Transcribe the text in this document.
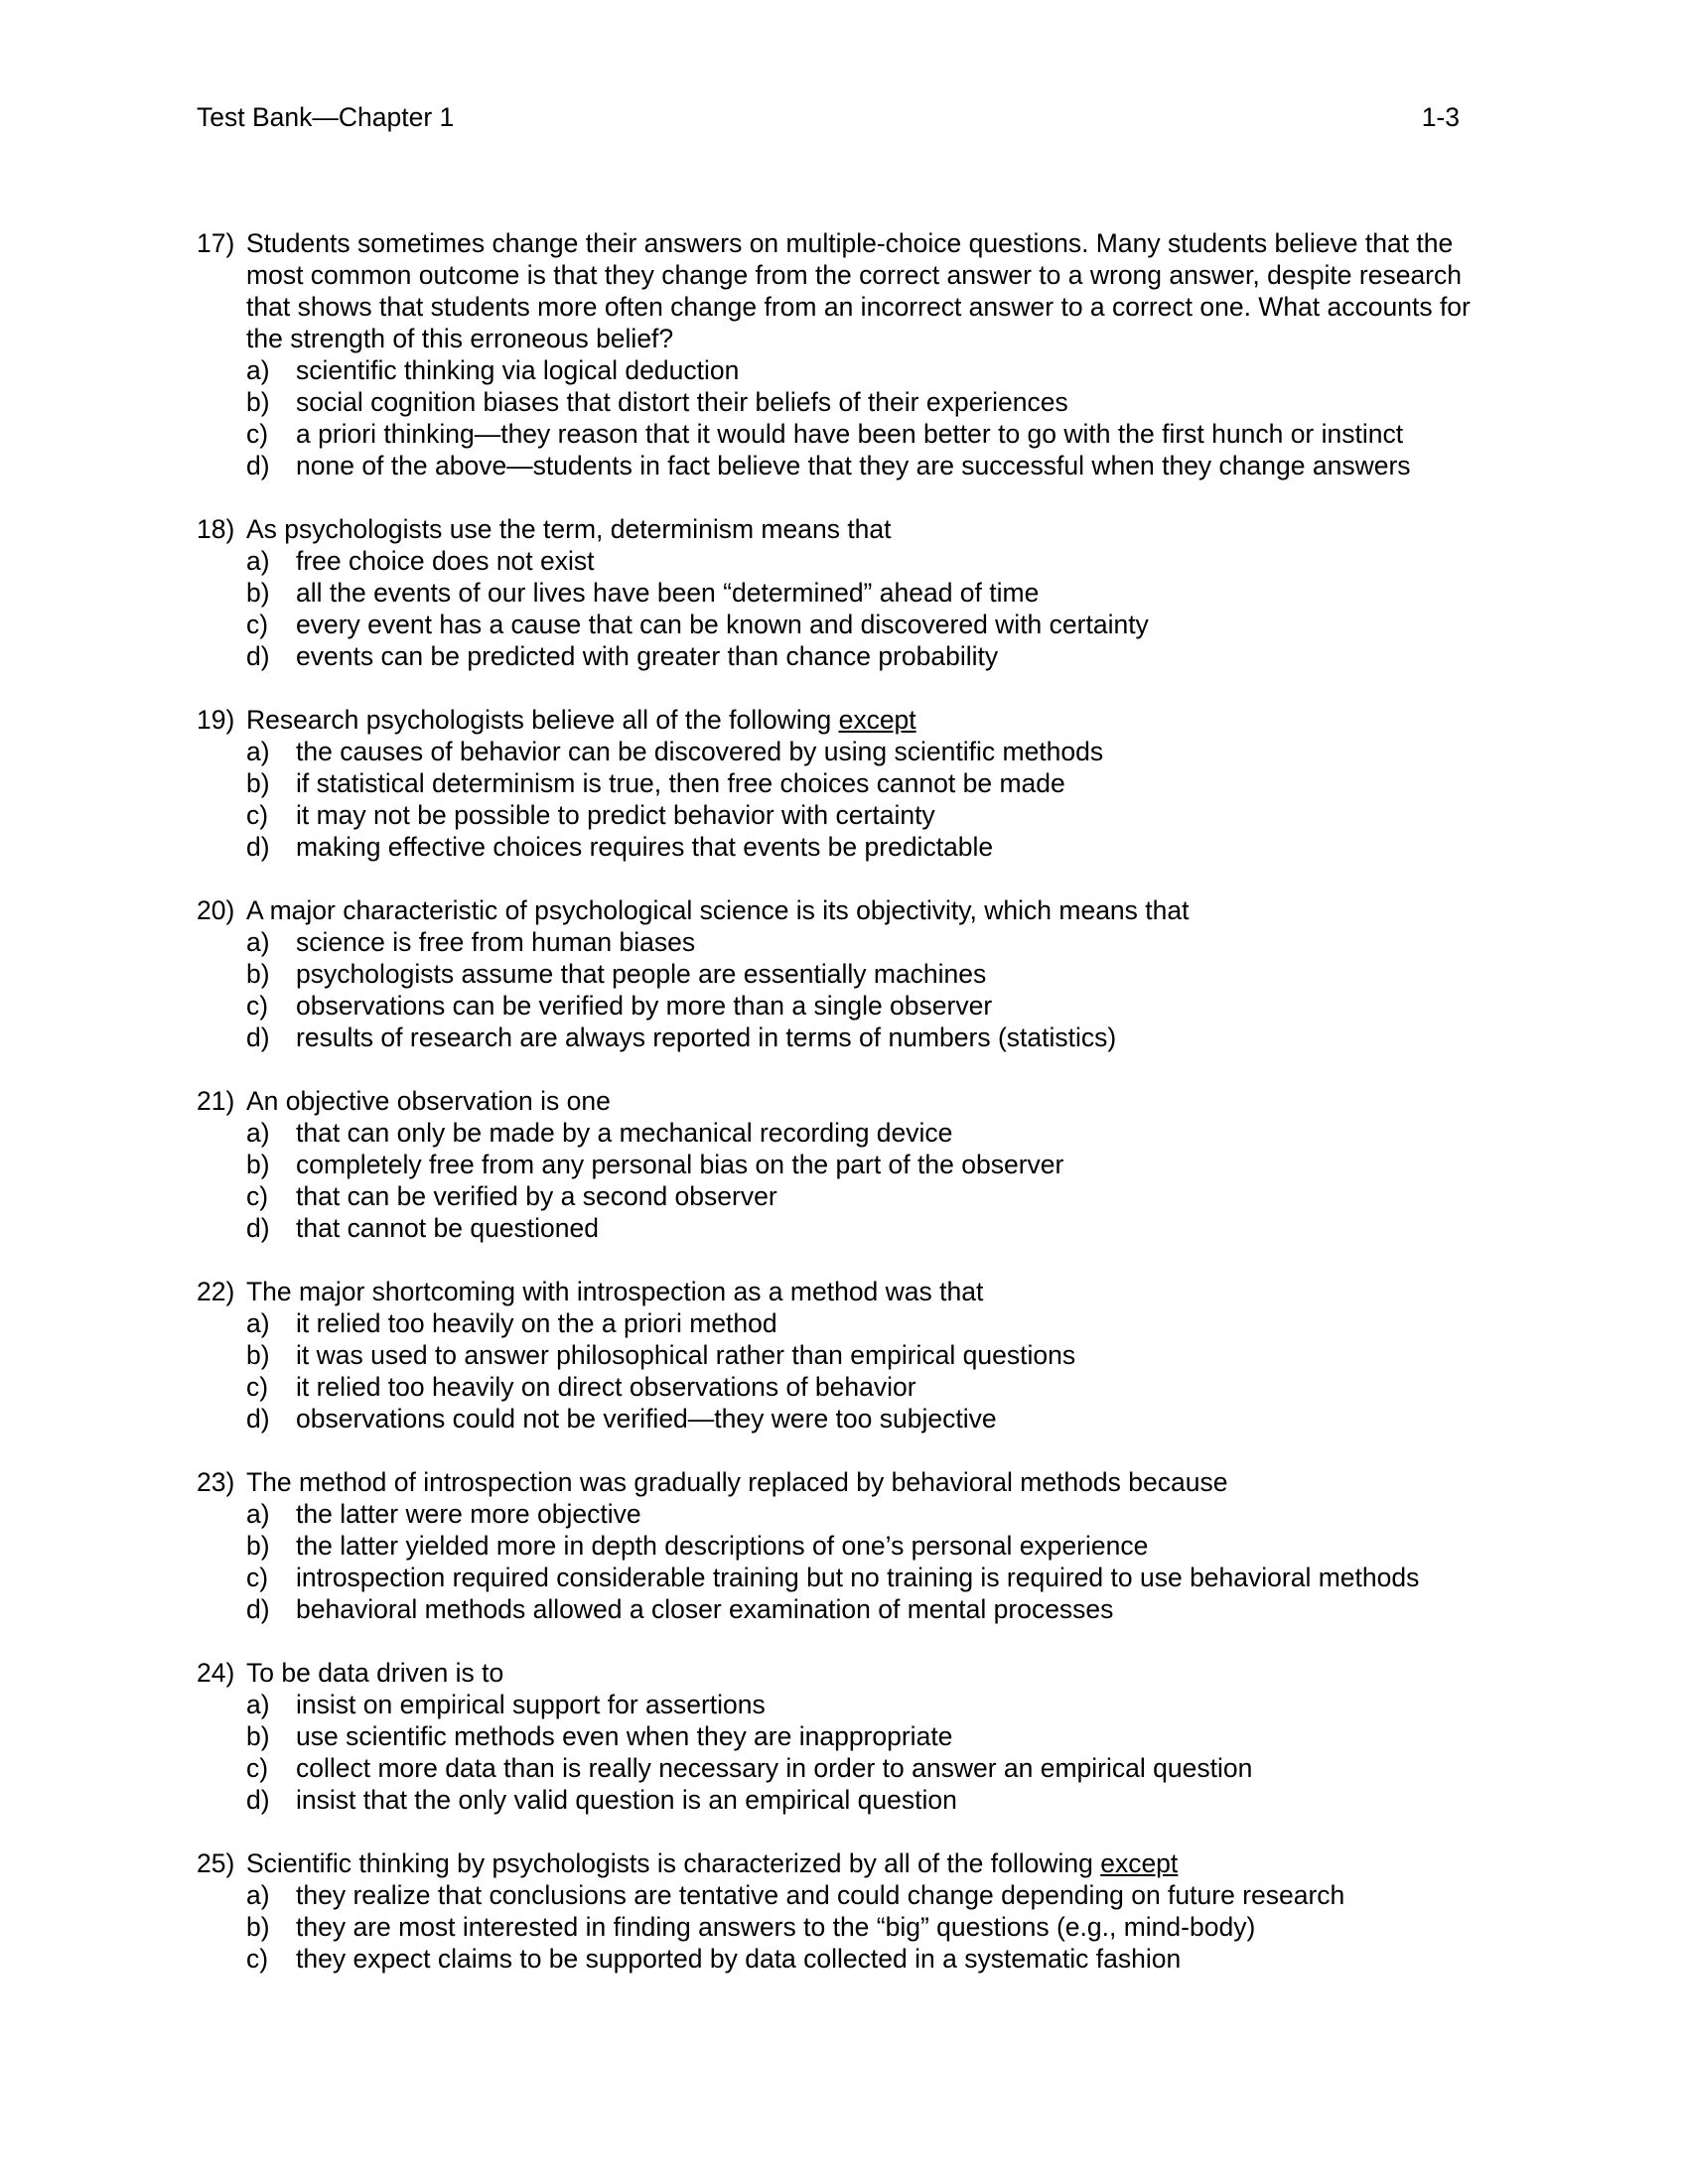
Test Bank—Chapter 1	1-3
17) Students sometimes change their answers on multiple-choice questions. Many students believe that the most common outcome is that they change from the correct answer to a wrong answer, despite research that shows that students more often change from an incorrect answer to a correct one. What accounts for the strength of this erroneous belief?
a) scientific thinking via logical deduction
b) social cognition biases that distort their beliefs of their experiences
c) a priori thinking—they reason that it would have been better to go with the first hunch or instinct
d) none of the above—students in fact believe that they are successful when they change answers
18) As psychologists use the term, determinism means that
a) free choice does not exist
b) all the events of our lives have been “determined” ahead of time
c) every event has a cause that can be known and discovered with certainty
d) events can be predicted with greater than chance probability
19) Research psychologists believe all of the following except
a) the causes of behavior can be discovered by using scientific methods
b) if statistical determinism is true, then free choices cannot be made
c) it may not be possible to predict behavior with certainty
d) making effective choices requires that events be predictable
20) A major characteristic of psychological science is its objectivity, which means that
a) science is free from human biases
b) psychologists assume that people are essentially machines
c) observations can be verified by more than a single observer
d) results of research are always reported in terms of numbers (statistics)
21) An objective observation is one
a) that can only be made by a mechanical recording device
b) completely free from any personal bias on the part of the observer
c) that can be verified by a second observer
d) that cannot be questioned
22) The major shortcoming with introspection as a method was that
a) it relied too heavily on the a priori method
b) it was used to answer philosophical rather than empirical questions
c) it relied too heavily on direct observations of behavior
d) observations could not be verified—they were too subjective
23) The method of introspection was gradually replaced by behavioral methods because
a) the latter were more objective
b) the latter yielded more in depth descriptions of one’s personal experience
c) introspection required considerable training but no training is required to use behavioral methods
d) behavioral methods allowed a closer examination of mental processes
24) To be data driven is to
a) insist on empirical support for assertions
b) use scientific methods even when they are inappropriate
c) collect more data than is really necessary in order to answer an empirical question
d) insist that the only valid question is an empirical question
25) Scientific thinking by psychologists is characterized by all of the following except
a) they realize that conclusions are tentative and could change depending on future research
b) they are most interested in finding answers to the “big” questions (e.g., mind-body)
c) they expect claims to be supported by data collected in a systematic fashion
